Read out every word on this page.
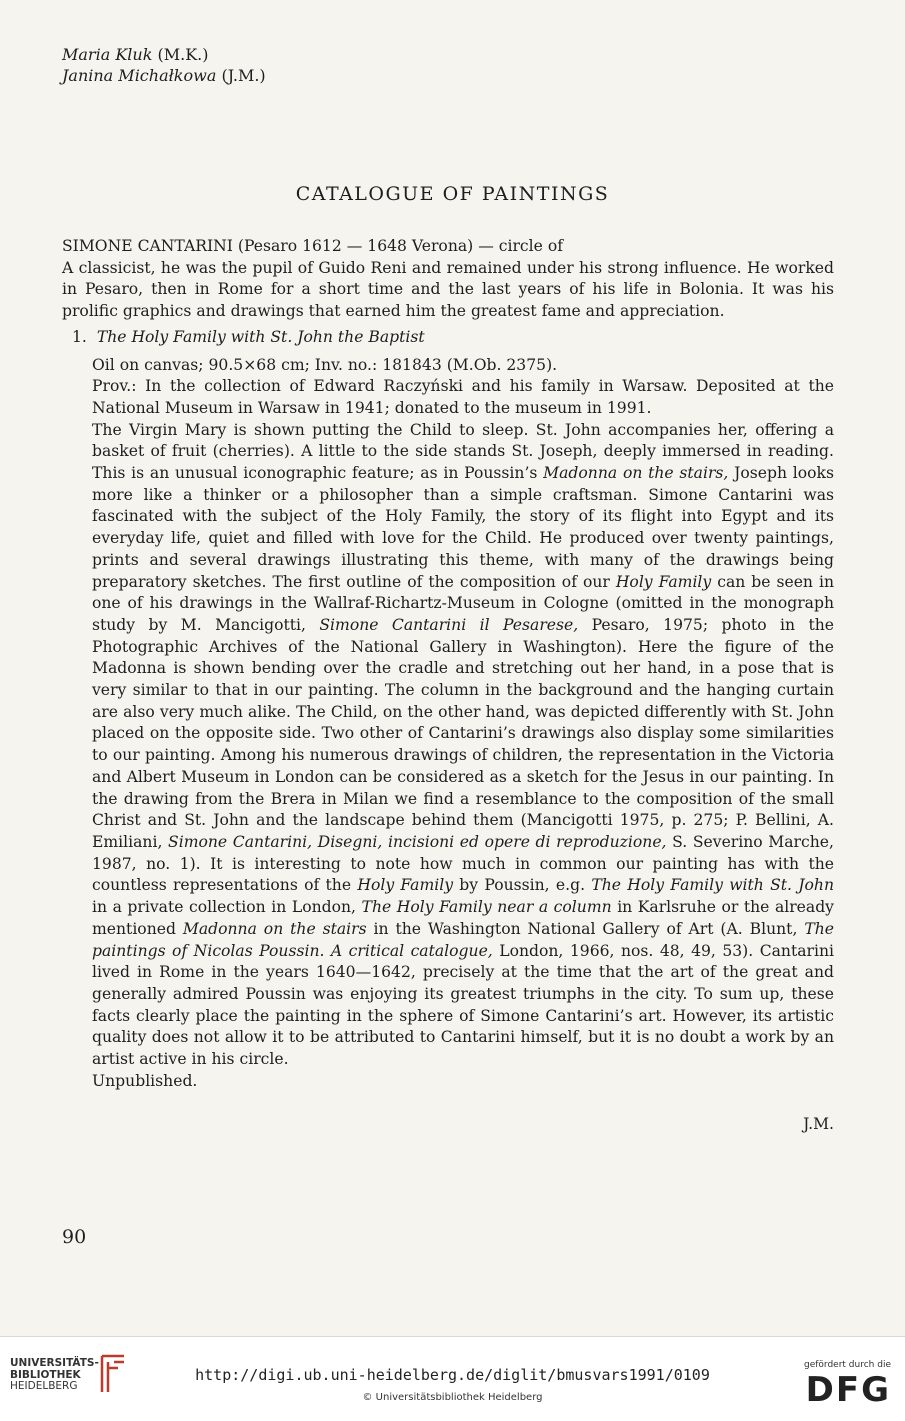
Maria Kluk (M.K.)
Janina Michałkowa (J.M.)
CATALOGUE OF PAINTINGS

SIMONE CANTARINI (Pesaro 1612 — 1648 Verona) — circle of

A classicist, he was the pupil of Guido Reni and remained under his strong influence. He worked in Pesaro, then in Rome for a short time and the last years of his life in Bolonia. It was his prolific graphics and drawings that earned him the greatest fame and appreciation.

1. The Holy Family with St. John the Baptist

Oil on canvas; 90.5×68 cm; Inv. no.: 181843 (M.Ob. 2375).

Prov.: In the collection of Edward Raczyński and his family in Warsaw. Deposited at the National Museum in Warsaw in 1941; donated to the museum in 1991.

The Virgin Mary is shown putting the Child to sleep. St. John accompanies her, offering a basket of fruit (cherries). A little to the side stands St. Joseph, deeply immersed in reading. This is an unusual iconographic feature; as in Poussin’s Madonna on the stairs, Joseph looks more like a thinker or a philosopher than a simple craftsman. Simone Cantarini was fascinated with the subject of the Holy Family, the story of its flight into Egypt and its everyday life, quiet and filled with love for the Child. He produced over twenty paintings, prints and several drawings illustrating this theme, with many of the drawings being preparatory sketches. The first outline of the composition of our Holy Family can be seen in one of his drawings in the Wallraf-Richartz-Museum in Cologne (omitted in the monograph study by M. Mancigotti, Simone Cantarini il Pesarese, Pesaro, 1975; photo in the Photographic Archives of the National Gallery in Washington). Here the figure of the Madonna is shown bending over the cradle and stretching out her hand, in a pose that is very similar to that in our painting. The column in the background and the hanging curtain are also very much alike. The Child, on the other hand, was depicted differently with St. John placed on the opposite side. Two other of Cantarini’s drawings also display some similarities to our painting. Among his numerous drawings of children, the representation in the Victoria and Albert Museum in London can be considered as a sketch for the Jesus in our painting. In the drawing from the Brera in Milan we find a resemblance to the composition of the small Christ and St. John and the landscape behind them (Mancigotti 1975, p. 275; P. Bellini, A. Emiliani, Simone Cantarini, Disegni, incisioni ed opere di reproduzione, S. Severino Marche, 1987, no. 1). It is interesting to note how much in common our painting has with the countless representations of the Holy Family by Poussin, e.g. The Holy Family with St. John in a private collection in London, The Holy Family near a column in Karlsruhe or the already mentioned Madonna on the stairs in the Washington National Gallery of Art (A. Blunt, The paintings of Nicolas Poussin. A critical catalogue, London, 1966, nos. 48, 49, 53). Cantarini lived in Rome in the years 1640—1642, precisely at the time that the art of the great and generally admired Poussin was enjoying its greatest triumphs in the city. To sum up, these facts clearly place the painting in the sphere of Simone Cantarini’s art. However, its artistic quality does not allow it to be attributed to Cantarini himself, but it is no doubt a work by an artist active in his circle.

Unpublished.

J.M.

90
UNIVERSITÄTS-
BIBLIOTHEK
HEIDELBERG
http://digi.ub.uni-heidelberg.de/diglit/bmusvars1991/0109
© Universitätsbibliothek Heidelberg
gefördert durch die
DFG
